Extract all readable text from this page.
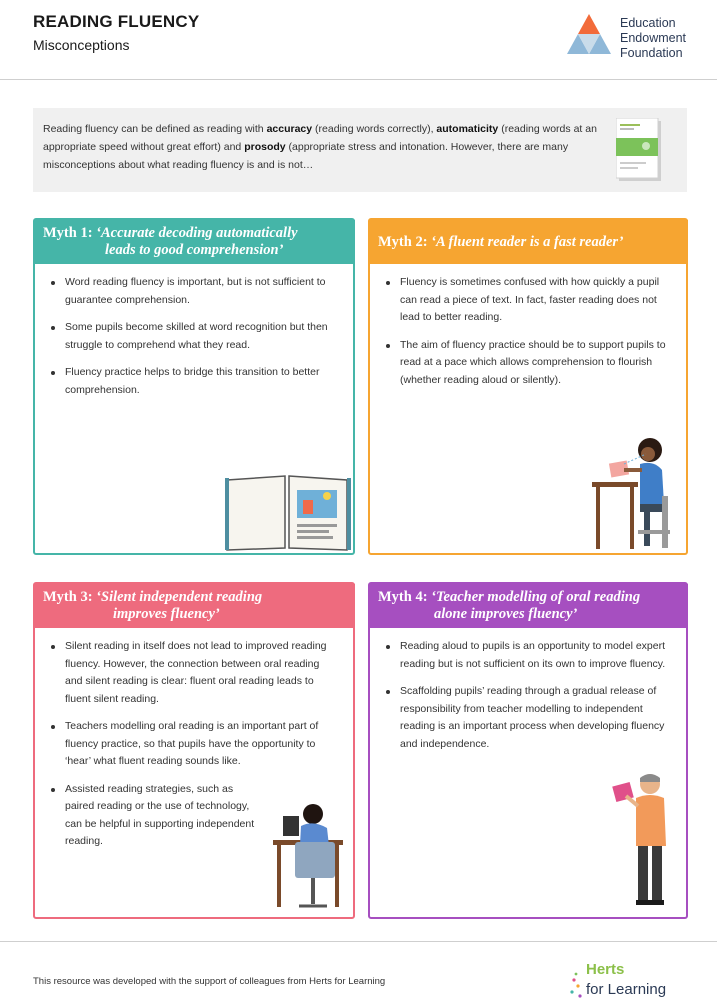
READING FLUENCY
Misconceptions
Education
Endowment
Foundation
Reading fluency can be defined as reading with accuracy (reading words correctly), automaticity (reading words at an appropriate speed without great effort) and prosody (appropriate stress and intonation. However, there are many misconceptions about what reading fluency is and is not…
Myth 1: ‘Accurate decoding automatically
leads to good comprehension’
Word reading fluency is important, but is not sufficient to guarantee comprehension.
Some pupils become skilled at word recognition but then struggle to comprehend what they read.
Fluency practice helps to bridge this transition to better comprehension.
Myth 2: ‘A fluent reader is a fast reader’
Fluency is sometimes confused with how quickly a pupil can read a piece of text. In fact, faster reading does not lead to better reading.
The aim of fluency practice should be to support pupils to read at a pace which allows comprehension to flourish (whether reading aloud or silently).
Myth 3: ‘Silent independent reading
improves fluency’
Silent reading in itself does not lead to improved reading fluency. However, the connection between oral reading and silent reading is clear: fluent oral reading leads to fluent silent reading.
Teachers modelling oral reading is an important part of fluency practice, so that pupils have the opportunity to ‘hear’ what fluent reading sounds like.
Assisted reading strategies, such as paired reading or the use of technology, can be helpful in supporting independent reading.
Myth 4: ‘Teacher modelling of oral reading
alone improves fluency’
Reading aloud to pupils is an opportunity to model expert reading but is not sufficient on its own to improve fluency.
Scaffolding pupils’ reading through a gradual release of responsibility from teacher modelling to independent reading is an important process when developing fluency and independence.
This resource was developed with the support of colleagues from Herts for Learning
Herts
for Learning
